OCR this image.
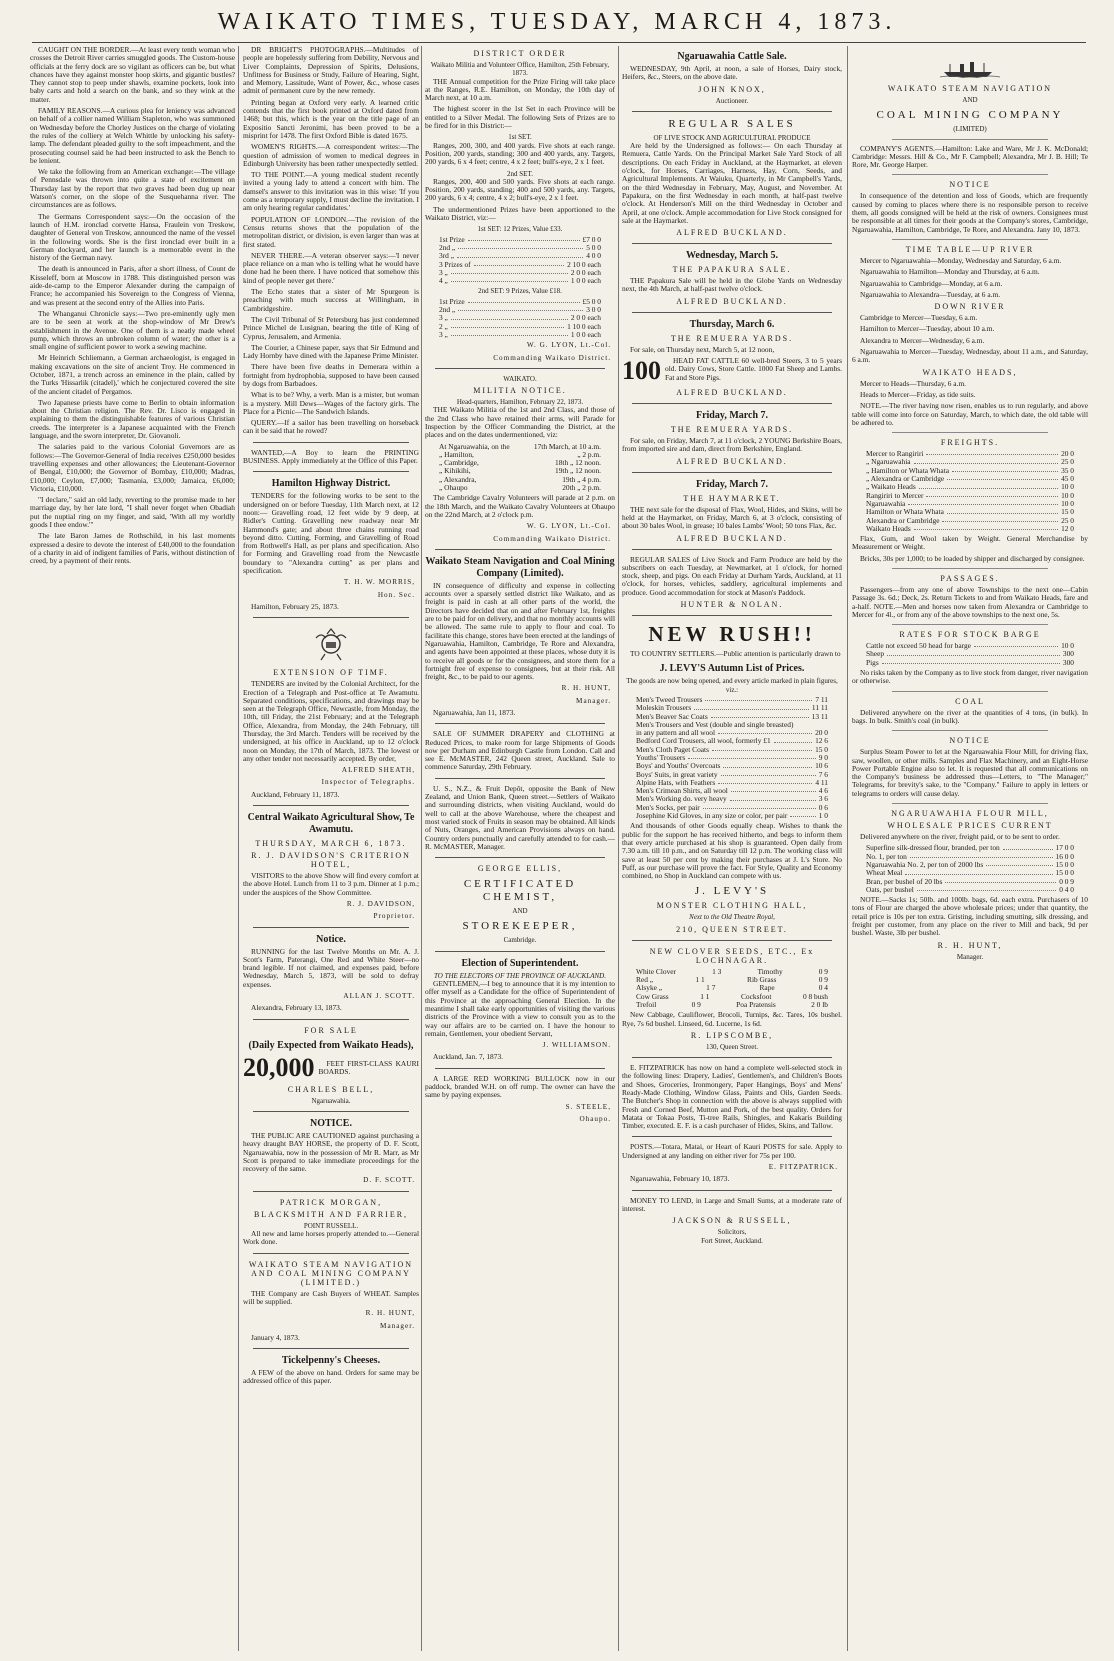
WAIKATO TIMES, TUESDAY, MARCH 4, 1873.

CAUGHT ON THE BORDER.—At least every tenth woman who crosses the Detroit River carries smuggled goods. The Custom-house officials at the ferry dock are so vigilant as officers can be, but what chances have they against monster hoop skirts, and gigantic bustles? They cannot stop to peep under shawls, examine pockets, look into baby carts and hold a search on the bank, and so they wink at the matter.

FAMILY REASONS.—A curious plea for leniency was advanced on behalf of a collier named William Stapleton, who was summoned on Wednesday before the Chorley Justices on the charge of violating the rules of the colliery at Welch Whittle by unlocking his safety-lamp. The defendant pleaded guilty to the soft impeachment, and the prosecuting counsel said he had been instructed to ask the Bench to be lenient.

We take the following from an American exchange:—The village of Pennsdale was thrown into quite a state of excitement on Thursday last by the report that two graves had been dug up near Watson's corner, on the slope of the Susquehanna river. The circumstances are as follows.

The Germans Correspondent says:—On the occasion of the launch of H.M. ironclad corvette Hansa, Fraulein von Treskow, daughter of General von Treskow, announced the name of the vessel in the following words. She is the first ironclad ever built in a German dockyard, and her launch is a memorable event in the history of the German navy.

The death is announced in Paris, after a short illness, of Count de Kisseleff, born at Moscow in 1788. This distinguished person was aide-de-camp to the Emperor Alexander during the campaign of France; he accompanied his Sovereign to the Congress of Vienna, and was present at the second entry of the Allies into Paris.

The Whanganui Chronicle says:—Two pre-eminently ugly men are to be seen at work at the shop-window of Mr Drew's establishment in the Avenue. One of them is a neatly made wheel pump, which throws an unbroken column of water; the other is a small engine of sufficient power to work a sewing machine.

Mr Heinrich Schliemann, a German archaeologist, is engaged in making excavations on the site of ancient Troy. He commenced in October, 1871, a trench across an eminence in the plain, called by the Turks 'Hissarlik (citadel),' which he conjectured covered the site of the ancient citadel of Pergamos.

Two Japanese priests have come to Berlin to obtain information about the Christian religion. The Rev. Dr. Lisco is engaged in explaining to them the distinguishable features of various Christian creeds. The interpreter is a Japanese acquainted with the French language, and the sworn interpreter, Dr. Giovanoli.

The salaries paid to the various Colonial Governors are as follows:—The Governor-General of India receives £250,000 besides travelling expenses and other allowances; the Lieutenant-Governor of Bengal, £10,000; the Governor of Bombay, £10,000; Madras, £10,000; Ceylon, £7,000; Tasmania, £3,000; Jamaica, £6,000; Victoria, £10,000.

"I declare," said an old lady, reverting to the promise made to her marriage day, by her late lord, "I shall never forget when Obadiah put the nuptial ring on my finger, and said, 'With all my worldly goods I thee endow.'"

The late Baron James de Rothschild, in his last moments expressed a desire to devote the interest of £40,000 to the foundation of a charity in aid of indigent families of Paris, without distinction of creed, by a payment of their rents.

DR BRIGHT'S PHOTOGRAPHS.—Multitudes of people are hopelessly suffering from Debility, Nervous and Liver Complaints, Depression of Spirits, Delusions, Unfitness for Business or Study, Failure of Hearing, Sight, and Memory, Lassitude, Want of Power, &c., whose cases admit of permanent cure by the new remedy.

Printing began at Oxford very early. A learned critic contends that the first book printed at Oxford dated from 1468; but this, which is the year on the title page of an Expositio Sancti Jeronimi, has been proved to be a misprint for 1478. The first Oxford Bible is dated 1675.

WOMEN'S RIGHTS.—A correspondent writes:—The question of admission of women to medical degrees in Edinburgh University has been rather unexpectedly settled.

TO THE POINT.—A young medical student recently invited a young lady to attend a concert with him. The damsel's answer to this invitation was in this wise: 'If you come as a temporary supply, I must decline the invitation. I am only hearing regular candidates.'

POPULATION OF LONDON.—The revision of the Census returns shows that the population of the metropolitan district, or division, is even larger than was at first stated.

NEVER THERE.—A veteran observer says:—'I never place reliance on a man who is telling what he would have done had he been there. I have noticed that somehow this kind of people never get there.'

The Echo states that a sister of Mr Spurgeon is preaching with much success at Willingham, in Cambridgeshire.

The Civil Tribunal of St Petersburg has just condemned Prince Michel de Lusignan, bearing the title of King of Cyprus, Jerusalem, and Armenia.

The Courier, a Chinese paper, says that Sir Edmund and Lady Hornby have dined with the Japanese Prime Minister.

There have been five deaths in Demerara within a fortnight from hydrophobia, supposed to have been caused by dogs from Barbadoes.

What is to be? Why, a verb. Man is a mister, but woman is a mystery. Mill Dews—Wages of the factory girls. The Place for a Picnic—The Sandwich Islands.

QUERY.—If a sailor has been travelling on horseback can it be said that he rowed?

WANTED,—A Boy to learn the PRINTING BUSINESS. Apply immediately at the Office of this Paper.

Hamilton Highway District.

TENDERS for the following works to be sent to the undersigned on or before Tuesday, 11th March next, at 12 noon:— Gravelling road, 12 feet wide by 9 deep, at Ridler's Cutting. Gravelling new roadway near Mr Hammond's gate; and about three chains running road beyond ditto. Cutting, Forming, and Gravelling of Road from Rothwell's Hall, as per plans and specification. Also for Forming and Gravelling road from the Newcastle boundary to "Alexandra cutting" as per plans and specification.

T. H. W. MORRIS,
Hon. Sec.
Hamilton, February 25, 1873.
EXTENSION OF TIMF.

TENDERS are invited by the Colonial Architect, for the Erection of a Telegraph and Post-office at Te Awamutu. Separated conditions, specifications, and drawings may be seen at the Telegraph Office, Newcastle, from Monday, the 10th, till Friday, the 21st February; and at the Telegraph Office, Alexandra, from Monday, the 24th February, till Thursday, the 3rd March. Tenders will be received by the undersigned, at his office in Auckland, up to 12 o'clock noon on Monday, the 17th of March, 1873. The lowest or any other tender not necessarily accepted. By order,

ALFRED SHEATH,
Inspector of Telegraphs.
Auckland, February 11, 1873.
Central Waikato Agricultural Show, Te Awamutu.
THURSDAY, MARCH 6, 1873.
R. J. DAVIDSON'S CRITERION HOTEL,

VISITORS to the above Show will find every comfort at the above Hotel. Lunch from 11 to 3 p.m. Dinner at 1 p.m.; under the auspices of the Show Committee.

R. J. DAVIDSON,
Proprietor.
Notice.

RUNNING for the last Twelve Months on Mr. A. J. Scott's Farm, Paterangi, One Red and White Steer—no brand legible. If not claimed, and expenses paid, before Wednesday, March 5, 1873, will be sold to defray expenses.

ALLAN J. SCOTT.
Alexandra, February 13, 1873.
FOR SALE
(Daily Expected from Waikato Heads),
20,000	FEET FIRST-CLASS KAURI BOARDS.
CHARLES BELL,
Ngaruawahia.
NOTICE.

THE PUBLIC ARE CAUTIONED against purchasing a heavy draught BAY HORSE, the property of D. F. Scott, Ngaruawahia, now in the possession of Mr R. Marr, as Mr Scott is prepared to take immediate proceedings for the recovery of the same.

D. F. SCOTT.
PATRICK MORGAN,
BLACKSMITH AND FARRIER,
POINT RUSSELL.

All new and lame horses properly attended to.—General Work done.

WAIKATO STEAM NAVIGATION AND COAL MINING COMPANY (LIMITED.)

THE Company are Cash Buyers of WHEAT. Samples will be supplied.

R. H. HUNT,
Manager.
January 4, 1873.
Tickelpenny's Cheeses.

A FEW of the above on hand. Orders for same may be addressed office of this paper.

DISTRICT ORDER
Waikato Militia and Volunteer Office, Hamilton, 25th February, 1873.

THE Annual competition for the Prize Firing will take place at the Ranges, R.E. Hamilton, on Monday, the 10th day of March next, at 10 a.m.

The highest scorer in the 1st Set in each Province will be entitled to a Silver Medal. The following Sets of Prizes are to be fired for in this District:—

1st SET.

Ranges, 200, 300, and 400 yards. Five shots at each range. Position, 200 yards, standing; 300 and 400 yards, any. Targets, 200 yards, 6 x 4 feet; centre, 4 x 2 feet; bull's-eye, 2 x 1 feet.

2nd SET.

Ranges, 200, 400 and 500 yards. Five shots at each range. Position, 200 yards, standing; 400 and 500 yards, any. Targets, 200 yards, 6 x 4; centre, 4 x 2; bull's-eye, 2 x 1 feet.

The undermentioned Prizes have been apportioned to the Waikato District, viz:—

1st SET: 12 Prizes, Value £33.
1st Prize	£7 0 0
2nd „	5 0 0
3rd „	4 0 0
3 Prizes of	2 10 0 each
3 „	2 0 0 each
4 „	1 0 0 each
2nd SET: 9 Prizes, Value £18.
1st Prize	£5 0 0
2nd „	3 0 0
3 „	2 0 0 each
2 „	1 10 0 each
3 „	1 0 0 each
W. G. LYON, Lt.-Col.
Commanding Waikato District.
WAIKATO.
MILITIA NOTICE.
Head-quarters, Hamilton, February 22, 1873.

THE Waikato Militia of the 1st and 2nd Class, and those of the 2nd Class who have retained their arms, will Parade for Inspection by the Officer Commanding the District, at the places and on the dates undermentioned, viz:

At Ngaruawahia, on the	17th March, at 10 a.m.
„ Hamilton,	„ 2 p.m.
„ Cambridge,	18th „ 12 noon.
„ Kihikihi,	19th „ 12 noon.
„ Alexandra,	19th „ 4 p.m.
„ Ohaupo	20th „ 2 p.m.

The Cambridge Cavalry Volunteers will parade at 2 p.m. on the 18th March, and the Waikato Cavalry Volunteers at Ohaupo on the 22nd March, at 2 o'clock p.m.

W. G. LYON, Lt.-Col.
Commanding Waikato District.
Waikato Steam Navigation and Coal Mining Company (Limited).

IN consequence of difficulty and expense in collecting accounts over a sparsely settled district like Waikato, and as freight is paid in cash at all other parts of the world, the Directors have decided that on and after February 1st, freights are to be paid for on delivery, and that no monthly accounts will be allowed. The same rule to apply to flour and coal. To facilitate this change, stores have been erected at the landings of Ngaruawahia, Hamilton, Cambridge, Te Rore and Alexandra, and agents have been appointed at these places, whose duty it is to receive all goods or for the consignees, and store them for a fortnight free of expense to consignees, but at their risk. All freight, &c., to be paid to our agents.

R. H. HUNT,
Manager.
Ngaruawahia, Jan 11, 1873.

SALE OF SUMMER DRAPERY and CLOTHING at Reduced Prices, to make room for large Shipments of Goods now per Durham and Edinburgh Castle from London. Call and see E. McMASTER, 242 Queen street, Auckland. Sale to commence Saturday, 29th February.

U. S., N.Z., & Fruit Depôt, opposite the Bank of New Zealand, and Union Bank, Queen street.—Settlers of Waikato and surrounding districts, when visiting Auckland, would do well to call at the above Warehouse, where the cheapest and most varied stock of Fruits in season may be obtained. All kinds of Nuts, Oranges, and American Provisions always on hand. Country orders punctually and carefully attended to for cash.—R. McMASTER, Manager.

GEORGE ELLIS,
CERTIFICATED CHEMIST,
AND
STOREKEEPER,
Cambridge.
Election of Superintendent.
TO THE ELECTORS OF THE PROVINCE OF AUCKLAND.

GENTLEMEN,—I beg to announce that it is my intention to offer myself as a Candidate for the office of Superintendent of this Province at the approaching General Election. In the meantime I shall take early opportunities of visiting the various districts of the Province with a view to consult you as to the way our affairs are to be carried on. I have the honour to remain, Gentlemen, your obedient Servant,

J. WILLIAMSON.
Auckland, Jan. 7, 1873.

A LARGE RED WORKING BULLOCK now in our paddock, branded W.H. on off rump. The owner can have the same by paying expenses.

S. STEELE,
Ohaupo.
Ngaruawahia Cattle Sale.

WEDNESDAY, 9th April, at noon, a sale of Horses, Dairy stock, Heifers, &c., Steers, on the above date.

JOHN KNOX,
Auctioneer.
REGULAR SALES
OF LIVE STOCK AND AGRICULTURAL PRODUCE

Are held by the Undersigned as follows:— On each Thursday at Remuera, Cattle Yards. On the Principal Market Sale Yard Stock of all descriptions. On each Friday in Auckland, at the Haymarket, at eleven o'clock, for Horses, Carriages, Harness, Hay, Corn, Seeds, and Agricultural Implements. At Waiuku, Quarterly, in Mr Campbell's Yards, on the third Wednesday in February, May, August, and November. At Papakura, on the first Wednesday in each month, at half-past twelve o'clock. At Henderson's Mill on the third Wednesday in October and April, at one o'clock. Ample accommodation for Live Stock consigned for sale at the Haymarket.

ALFRED BUCKLAND.
Wednesday, March 5.
THE PAPAKURA SALE.

THE Papakura Sale will be held in the Globe Yards on Wednesday next, the 4th March, at half-past twelve o'clock.

ALFRED BUCKLAND.
Thursday, March 6.
THE REMUERA YARDS.

For sale, on Thursday next, March 5, at 12 noon,

100	HEAD FAT CATTLE 60 well-bred Steers, 3 to 5 years old. Dairy Cows, Store Cattle. 1000 Fat Sheep and Lambs. Fat and Store Pigs.
ALFRED BUCKLAND.
Friday, March 7.
THE REMUERA YARDS.

For sale, on Friday, March 7, at 11 o'clock, 2 YOUNG Berkshire Boars, from imported sire and dam, direct from Berkshire, England.

ALFRED BUCKLAND.
Friday, March 7.
THE HAYMARKET.

THE next sale for the disposal of Flax, Wool, Hides, and Skins, will be held at the Haymarket, on Friday, March 6, at 3 o'clock, consisting of about 30 bales Wool, in grease; 10 bales Lambs' Wool; 50 tons Flax, &c.

ALFRED BUCKLAND.

REGULAR SALES of Live Stock and Farm Produce are held by the subscribers on each Tuesday, at Newmarket, at 1 o'clock, for horned stock, sheep, and pigs. On each Friday at Durham Yards, Auckland, at 11 o'clock, for horses, vehicles, saddlery, agricultural implements and produce. Good accommodation for stock at Mason's Paddock.

HUNTER & NOLAN.
NEW RUSH!!

TO COUNTRY SETTLERS.—Public attention is particularly drawn to

J. LEVY'S Autumn List of Prices.
The goods are now being opened, and every article marked in plain figures, viz.:
Men's Tweed Trousers	7 11
Moleskin Trousers	11 11
Men's Beaver Sac Coats	13 11
Men's Trousers and Vest (double and single breasted)
in any pattern and all wool	20 0
Bedford Cord Trousers, all wool, formerly £1	12 6
Men's Cloth Paget Coats	15 0
Youths' Trousers	9 0
Boys' and Youths' Overcoats	10 6
Boys' Suits, in great variety	7 6
Alpine Hats, with Feathers	4 11
Men's Crimean Shirts, all wool	4 6
Men's Working do. very heavy	3 6
Men's Socks, per pair	0 6
Josephine Kid Gloves, in any size or color, per pair	1 0

And thousands of other Goods equally cheap. Wishes to thank the public for the support he has received hitherto, and begs to inform them that every article purchased at his shop is guaranteed. Open daily from 7.30 a.m. till 10 p.m., and on Saturday till 12 p.m. The working class will save at least 50 per cent by making their purchases at J. L's Store. No Puff, as our purchase will prove the fact. For Style, Quality and Economy combined, no Shop in Auckland can compete with us.

J. LEVY'S
MONSTER CLOTHING HALL,
Next to the Old Theatre Royal,
210, QUEEN STREET.
NEW CLOVER SEEDS, ETC., Ex LOCHNAGAR.
White Clover	1 3	Timothy	0 9
Red „	1 1	Rib Grass	0 9
Alsyke „	1 7	Rape	0 4
Cow Grass	1 1	Cocksfoot	0 8 bush
Trefoil	0 9	Poa Pratensis	2 0 lb

New Cabbage, Cauliflower, Brocoli, Turnips, &c. Tares, 10s bushel. Rye, 7s 6d bushel. Linseed, 6d. Lucerne, 1s 6d.

R. LIPSCOMBE,
130, Queen Street.

E. FITZPATRICK has now on hand a complete well-selected stock in the following lines: Drapery, Ladies', Gentlemen's, and Children's Boots and Shoes, Groceries, Ironmongery, Paper Hangings, Boys' and Mens' Ready-Made Clothing, Window Glass, Paints and Oils, Garden Seeds. The Butcher's Shop in connection with the above is always supplied with Fresh and Corned Beef, Mutton and Pork, of the best quality. Orders for Matata or Tokaa Posts, Ti-tree Rails, Shingles, and Kakaris Building Timber, executed. E. F. is a cash purchaser of Hides, Skins, and Tallow.

POSTS.—Totara, Matai, or Heart of Kauri POSTS for sale. Apply to Undersigned at any landing on either river for 75s per 100.

E. FITZPATRICK.
Ngaruawahia, February 10, 1873.

MONEY TO LEND, in Large and Small Sums, at a moderate rate of interest.

JACKSON & RUSSELL,
Solicitors,
Fort Street, Auckland.
WAIKATO STEAM NAVIGATION
AND
COAL MINING COMPANY
(LIMITED)

COMPANY'S AGENTS.—Hamilton: Lake and Ware, Mr J. K. McDonald; Cambridge: Messrs. Hill & Co., Mr F. Campbell; Alexandra, Mr J. B. Hill; Te Rore, Mr. George Harper.

NOTICE

In consequence of the detention and loss of Goods, which are frequently caused by coming to places where there is no responsible person to receive them, all goods consigned will be held at the risk of owners. Consignees must be responsible at all times for their goods at the Company's stores, Cambridge, Ngaruawahia, Hamilton, Cambridge, Te Rore, and Alexandra. Jany 10, 1873.

TIME TABLE—UP RIVER

Mercer to Ngaruawahia—Monday, Wednesday and Saturday, 6 a.m.

Ngaruawahia to Hamilton—Monday and Thursday, at 6 a.m.

Ngaruawahia to Cambridge—Monday, at 6 a.m.

Ngaruawahia to Alexandra—Tuesday, at 6 a.m.

DOWN RIVER

Cambridge to Mercer—Tuesday, 6 a.m.

Hamilton to Mercer—Tuesday, about 10 a.m.

Alexandra to Mercer—Wednesday, 6 a.m.

Ngaruawahia to Mercer—Tuesday, Wednesday, about 11 a.m., and Saturday, 6 a.m.

WAIKATO HEADS,

Mercer to Heads—Thursday, 6 a.m.

Heads to Mercer—Friday, as tide suits.

NOTE.—The river having now risen, enables us to run regularly, and above table will come into force on Saturday, March, to which date, the old table will be adhered to.

FREIGHTS.
Mercer to Rangiriri	20 0
„ Ngaruawahia	25 0
„ Hamilton or Whata Whata	35 0
„ Alexandra or Cambridge	45 0
„ Waikato Heads	10 0
Rangiriri to Mercer	10 0
Ngaruawahia	10 0
Hamilton or Whata Whata	15 0
Alexandra or Cambridge	25 0
Waikato Heads	12 0

Flax, Gum, and Wool taken by Weight. General Merchandise by Measurement or Weight.

Bricks, 30s per 1,000; to be loaded by shipper and discharged by consignee.

PASSAGES.

Passengers—from any one of above Townships to the next one—Cabin Passage 3s. 6d.; Deck, 2s. Return Tickets to and from Waikato Heads, fare and a-half. NOTE.—Men and horses now taken from Alexandra or Cambridge to Mercer for 4l., or from any of the above townships to the next one, 5s.

RATES FOR STOCK BARGE
Cattle not exceed 50 head for barge	10 0
Sheep	300
Pigs	300

No risks taken by the Company as to live stock from danger, river navigation or otherwise.

COAL

Delivered anywhere on the river at the quantities of 4 tons, (in bulk). In bags. In bulk. Smith's coal (in bulk).

NOTICE

Surplus Steam Power to let at the Ngaruawahia Flour Mill, for driving flax, saw, woollen, or other mills. Samples and Flax Machinery, and an Eight-Horse Power Portable Engine also to let. It is requested that all communications on the Company's business be addressed thus—Letters, to "The Manager;" Telegrams, for brevity's sake, to the "Company." Failure to apply in letters or telegrams to orders will cause delay.

NGARUAWAHIA FLOUR MILL,
WHOLESALE PRICES CURRENT

Delivered anywhere on the river, freight paid, or to be sent to order.

Superfine silk-dressed flour, branded, per ton	17 0 0
No. 1, per ton	16 0 0
Ngaruawahia No. 2, per ton of 2000 lbs	15 0 0
Wheat Meal	15 0 0
Bran, per bushel of 20 lbs	0 0 9
Oats, per bushel	0 4 0

NOTE.—Sacks 1s; 50lb. and 100lb. bags, 6d. each extra. Purchasers of 10 tons of Flour are charged the above wholesale prices; under that quantity, the retail price is 10s per ton extra. Gristing, including smutting, silk dressing, and freight per customer, from any place on the river to Mill and back, 9d per bushel. Waste, 3lb per bushel.

R. H. HUNT,
Manager.
